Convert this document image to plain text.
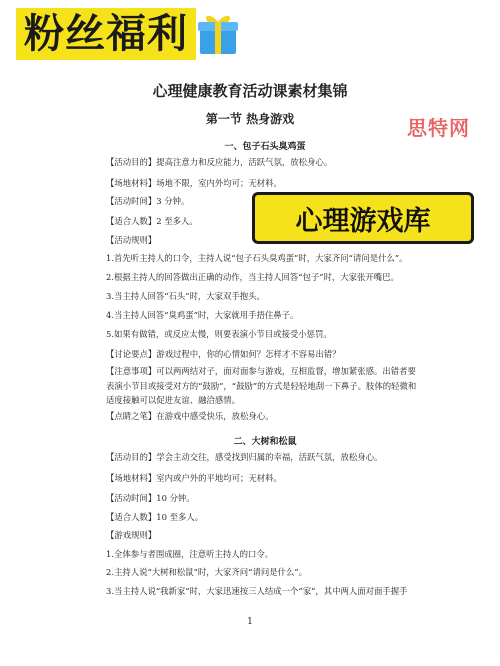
粉丝福利
心理健康教育活动课素材集锦
思特网
第一节 热身游戏
一、包子石头臭鸡蛋
【活动目的】提高注意力和反应能力，活跃气氛，放松身心。
【场地材料】场地不限，室内外均可；无材料。
【活动时间】3 分钟。
【适合人数】2 至多人。
【活动规则】
1.首先听主持人的口令，主持人说“包子石头臭鸡蛋”时，大家齐问“请问是什么”。
2.根据主持人的回答做出正确的动作，当主持人回答“包子”时，大家张开嘴巴。
3.当主持人回答“石头”时，大家双手抱头。
4.当主持人回答“臭鸡蛋”时，大家就用手捂住鼻子。
5.如果有做错，或反应太慢，则要表演小节目或接受小惩罚。
【讨论要点】游戏过程中，你的心情如何？怎样才不容易出错？
【注意事项】可以两两结对子，面对面参与游戏，互相监督，增加紧张感。出错者要表演小节目或接受对方的“鼓励”，“鼓励”的方式是轻轻地刮一下鼻子。肢体的轻微和适度接触可以促进友谊、融洽感情。
【点睛之笔】在游戏中感受快乐，放松身心。
二、大树和松鼠
【活动目的】学会主动交往，感受找到归属的幸福，活跃气氛，放松身心。
【场地材料】室内或户外的平地均可；无材料。
【活动时间】10 分钟。
【适合人数】10 至多人。
【游戏规则】
1.全体参与者围成圈，注意听主持人的口令。
2.主持人说“大树和松鼠”时，大家齐问“请问是什么”。
3.当主持人说“我新家”时，大家迅速按三人结成一个“家”，其中两人面对面手握手
1
心理游戏库
